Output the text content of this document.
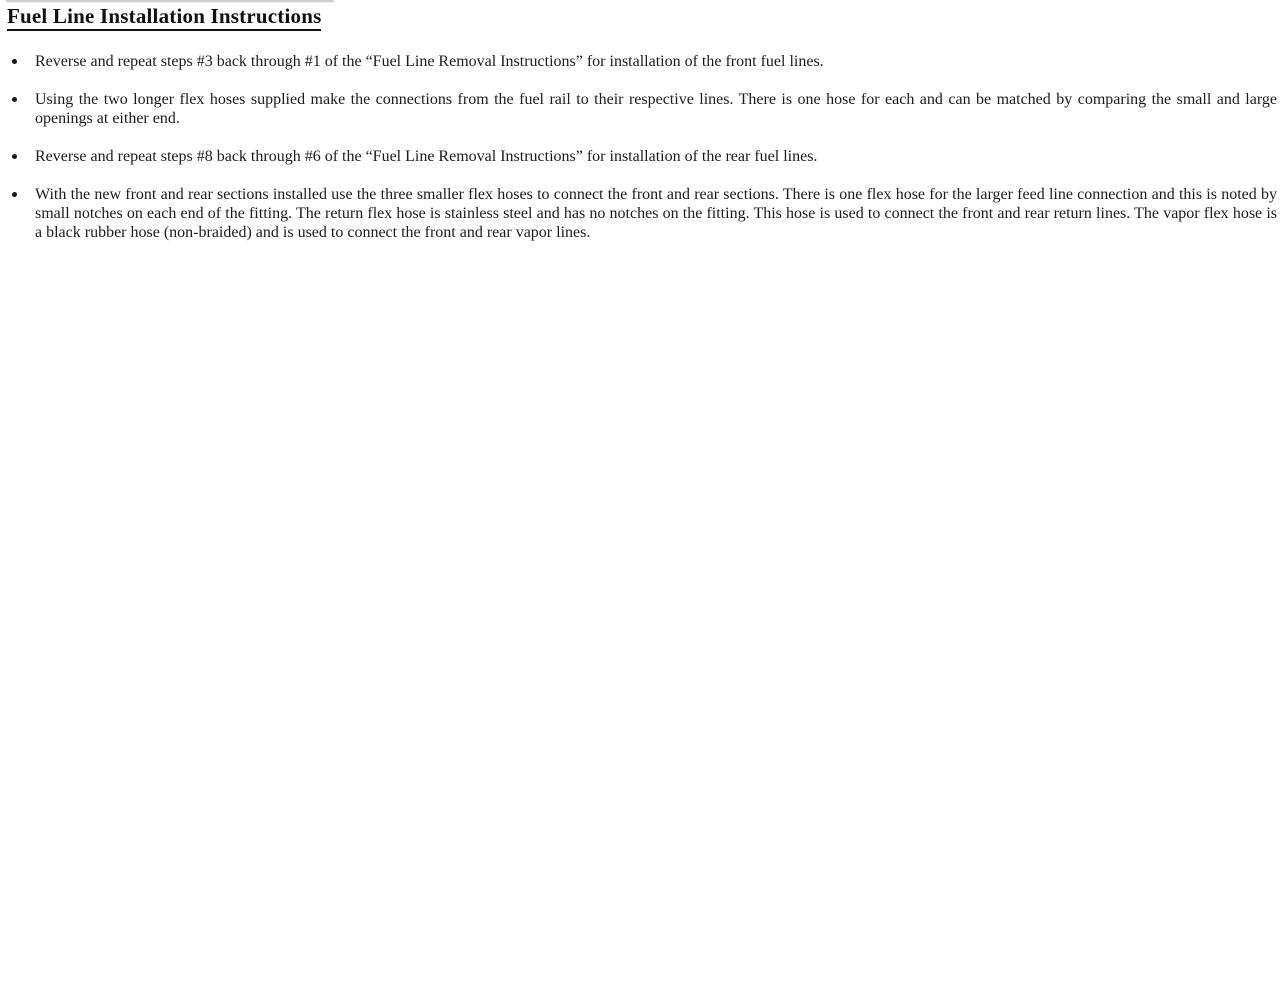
Fuel Line Installation Instructions
Reverse and repeat steps #3 back through #1 of the “Fuel Line Removal Instructions” for installation of the front fuel lines.
Using the two longer flex hoses supplied make the connections from the fuel rail to their respective lines. There is one hose for each and can be matched by comparing the small and large openings at either end.
Reverse and repeat steps #8 back through #6 of the “Fuel Line Removal Instructions” for installation of the rear fuel lines.
With the new front and rear sections installed use the three smaller flex hoses to connect the front and rear sections. There is one flex hose for the larger feed line connection and this is noted by small notches on each end of the fitting. The return flex hose is stainless steel and has no notches on the fitting. This hose is used to connect the front and rear return lines. The vapor flex hose is a black rubber hose (non-braided) and is used to connect the front and rear vapor lines.
